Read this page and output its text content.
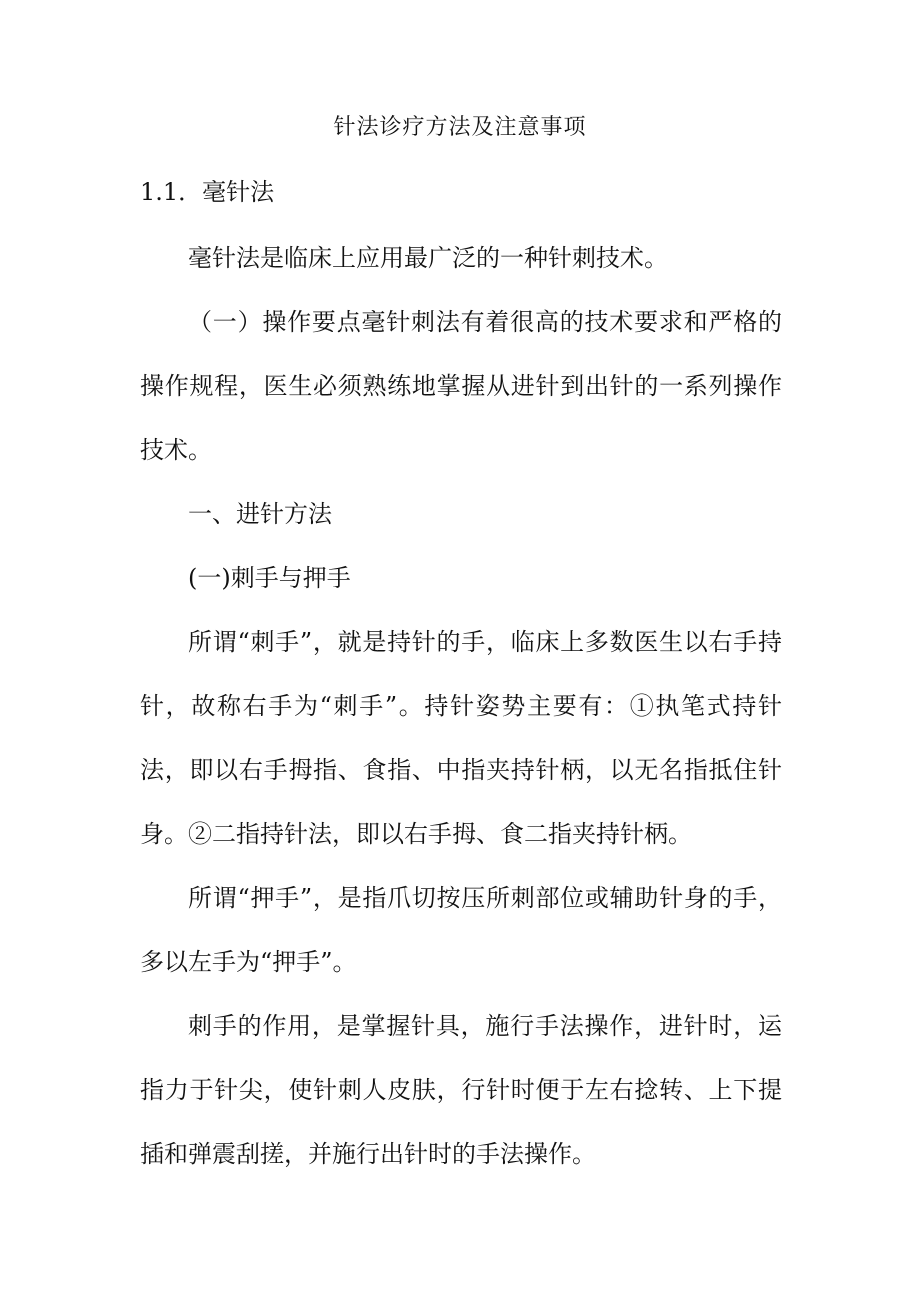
针法诊疗方法及注意事项
1.1．毫针法

毫针法是临床上应用最广泛的一种针刺技术。

（一）操作要点毫针刺法有着很高的技术要求和严格的操作规程，医生必须熟练地掌握从进针到出针的一系列操作技术。

一、进针方法

(一)刺手与押手

所谓“刺手”，就是持针的手，临床上多数医生以右手持针，故称右手为“刺手”。持针姿势主要有：①执笔式持针法，即以右手拇指、食指、中指夹持针柄，以无名指抵住针身。②二指持针法，即以右手拇、食二指夹持针柄。

所谓“押手”，是指爪切按压所刺部位或辅助针身的手，多以左手为“押手”。

刺手的作用，是掌握针具，施行手法操作，进针时，运指力于针尖，使针刺人皮肤，行针时便于左右捻转、上下提插和弹震刮搓，并施行出针时的手法操作。
